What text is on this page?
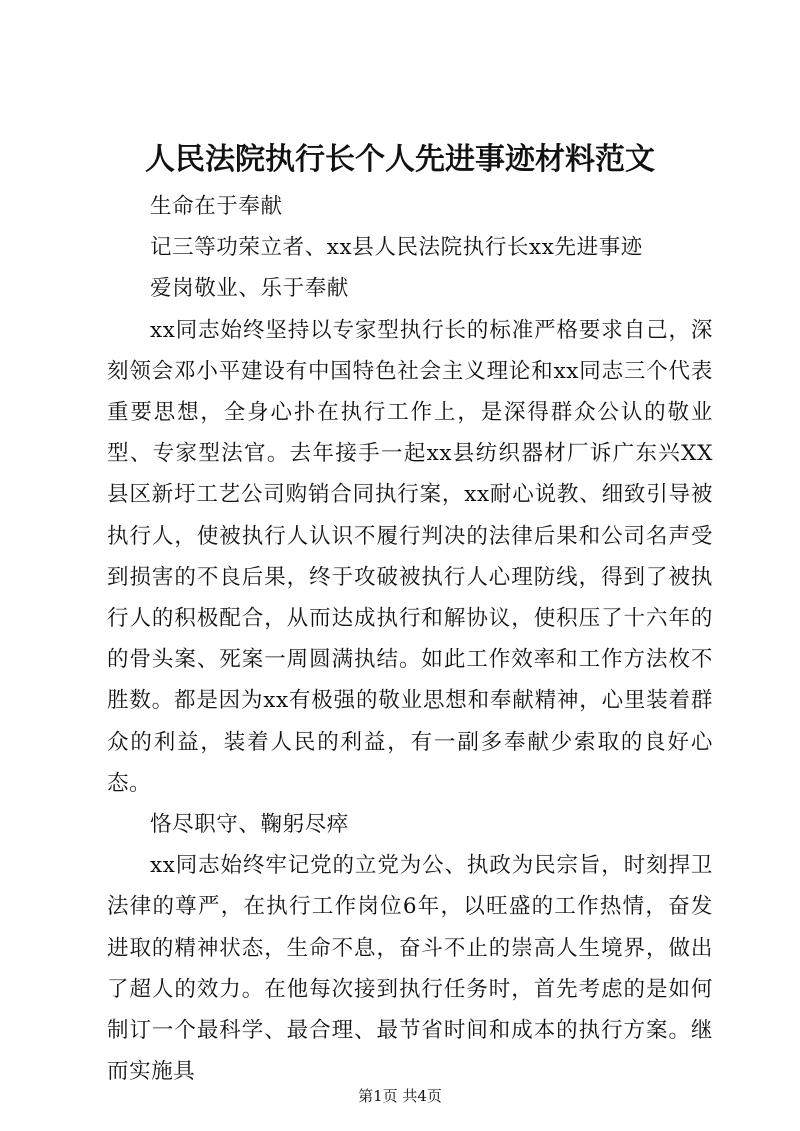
人民法院执行长个人先进事迹材料范文

生命在于奉献

记三等功荣立者、xx县人民法院执行长xx先进事迹

爱岗敬业、乐于奉献

xx同志始终坚持以专家型执行长的标准严格要求自己，深刻领会邓小平建设有中国特色社会主义理论和xx同志三个代表重要思想，全身心扑在执行工作上，是深得群众公认的敬业型、专家型法官。去年接手一起xx县纺织器材厂诉广东兴XX县区新圩工艺公司购销合同执行案，xx耐心说教、细致引导被执行人，使被执行人认识不履行判决的法律后果和公司名声受到损害的不良后果，终于攻破被执行人心理防线，得到了被执行人的积极配合，从而达成执行和解协议，使积压了十六年的的骨头案、死案一周圆满执结。如此工作效率和工作方法枚不胜数。都是因为xx有极强的敬业思想和奉献精神，心里装着群众的利益，装着人民的利益，有一副多奉献少索取的良好心态。

恪尽职守、鞠躬尽瘁

xx同志始终牢记党的立党为公、执政为民宗旨，时刻捍卫法律的尊严，在执行工作岗位6年，以旺盛的工作热情，奋发进取的精神状态，生命不息，奋斗不止的崇高人生境界，做出了超人的效力。在他每次接到执行任务时，首先考虑的是如何制订一个最科学、最合理、最节省时间和成本的执行方案。继而实施具

第1页 共4页
